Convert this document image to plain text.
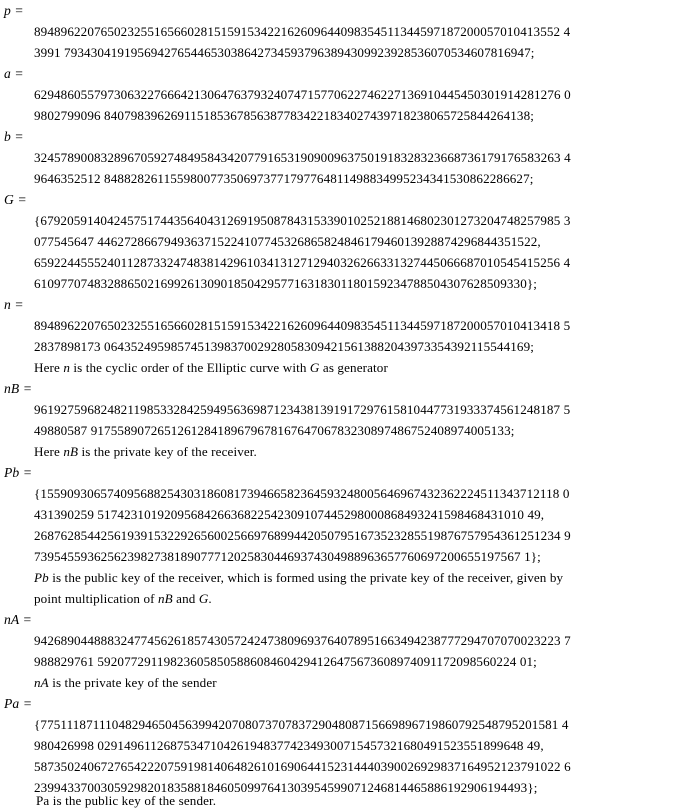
p =
8948962207650232551656602815159153422162609644098354511344597187200057010413552 4
3991 7934304191956942765446530386427345937963894309923928536070534607816947;
a =
6294860557973063227666421306476379324074715770622746227136910445450301914281276 0
9802799096 8407983962691151853678563877834221834027439718238065725844264138;
b =
3245789008328967059274849584342077916531909009637501918328323668736179176583263 4
9646352512 8488282611559800773506973771797764811498834995234341530862286627;
G =
{679205914042457517443564043126919508784315339010252188146802301273204748257985 3
077545647 446272866794936371522410774532686582484617946013928874296844351522,
6592244555240112873324748381429610341312712940326266331327445066687010545415256 4
61097707483288650216992613090185042957716318301180159234788504307628509330};
n =
8948962207650232551656602815159153422162609644098354511344597187200057010413418 5
2837898173 0643524959857451398370029280583094215613882043973354392115544169;
Here n is the cyclic order of the Elliptic curve with G as generator
nB =
9619275968248211985332842594956369871234381391917297615810447731933374561248187 5
49880587 917558907265126128418967967816764706783230897486752408974005133;
Here nB is the private key of the receiver.
Pb =
{155909306574095688254303186081739466582364593248005646967432362224511343712118 0
431390259 5174231019209568426636822542309107445298000868493241598468431010 49,
2687628544256193915322926560025669768994420507951673523285519876757954361251234 9
7395455936256239827381890777120258304469374304988963657760697200655197567 1};
Pb is the public key of the receiver, which is formed using the private key of the receiver, given by
point multiplication of nB and G.
nA =
9426890448883247745626185743057242473809693764078951663494238777294707070023223 7
988829761 592077291198236058505886084604294126475673608974091172098560224 01;
nA is the private key of the sender
Pa =
{775111871110482946504563994207080737078372904808715669896719860792548795201581 4
980426998 0291496112687534710426194837742349300715457321680491523551899648 49,
5873502406727654222075919814064826101690644152314440390026929837164952123791022 6
23994337003059298201835881846050997641303954599071246814465886192906194493};
Pa is the public key of the sender.
